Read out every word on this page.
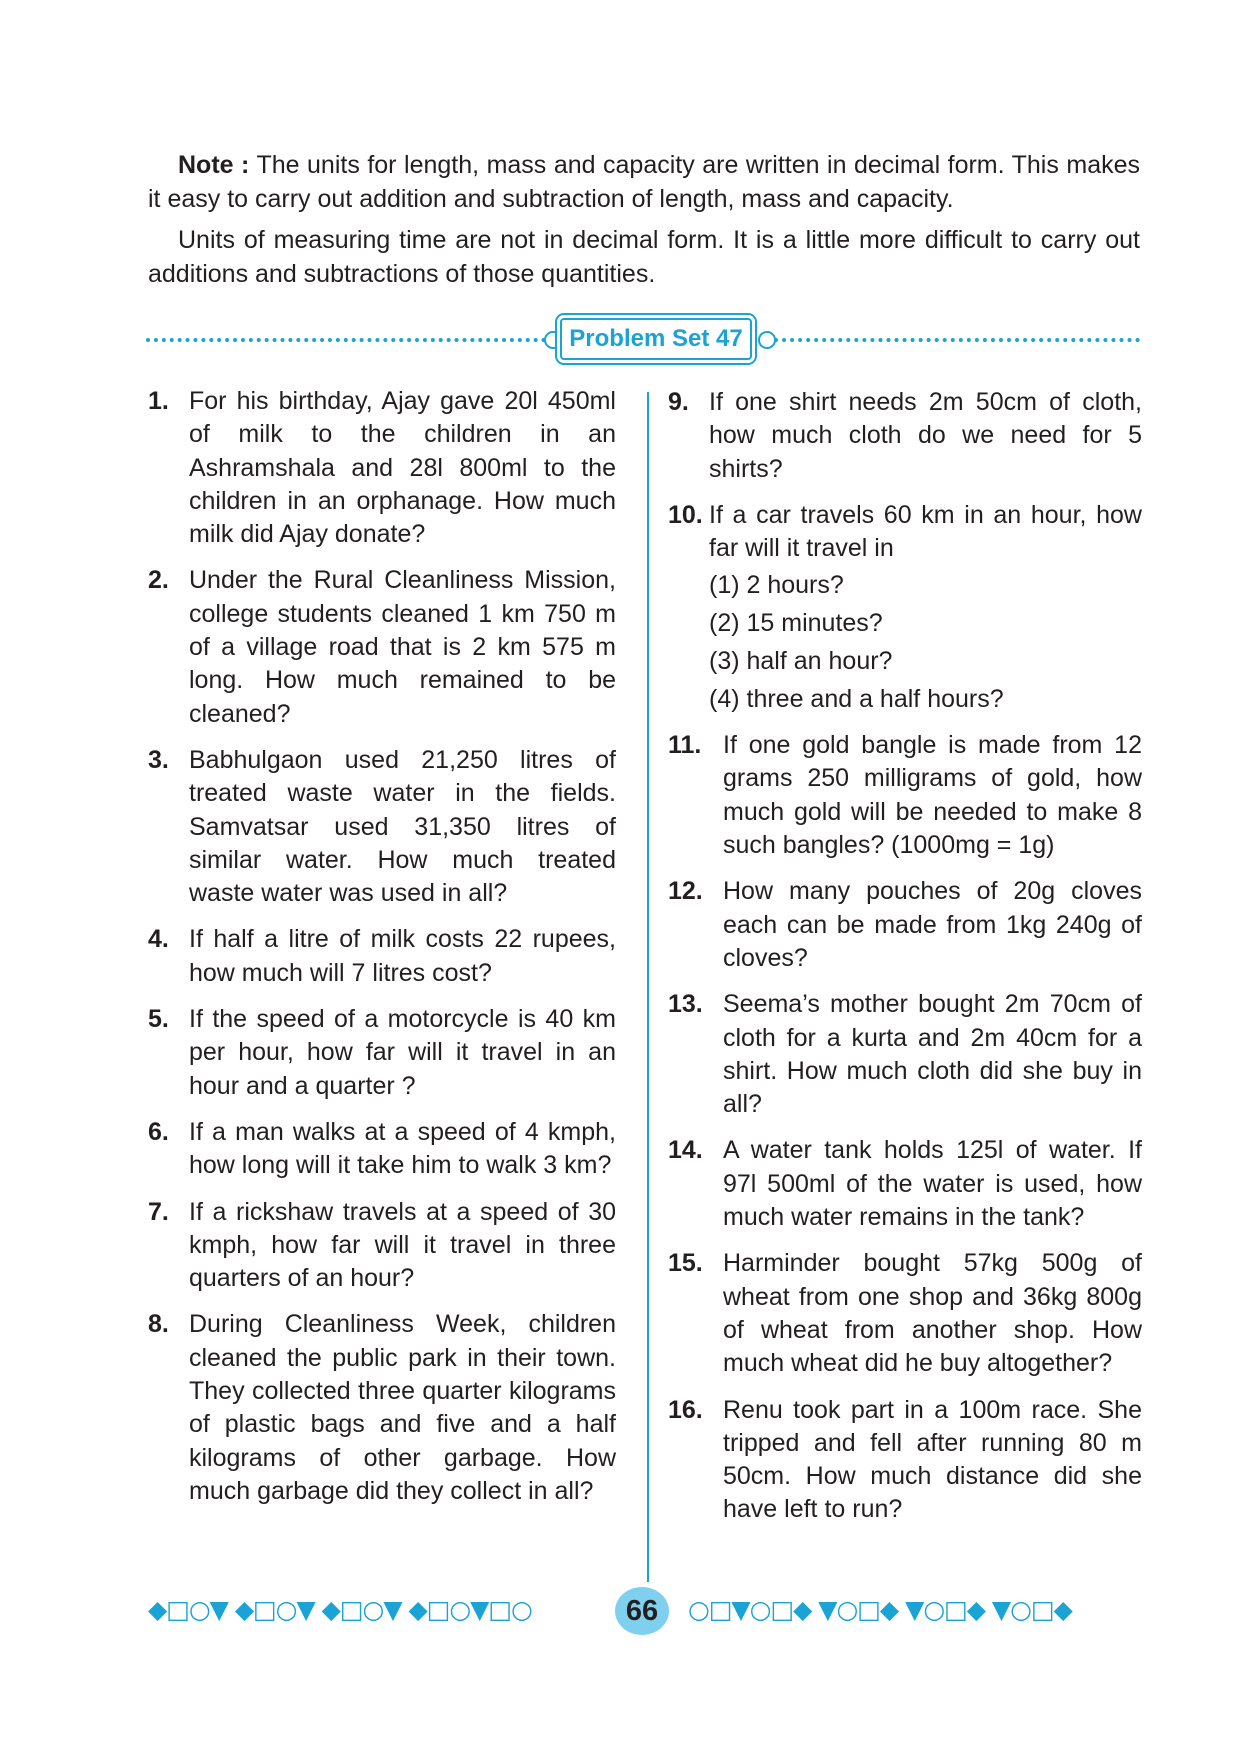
Note : The units for length, mass and capacity are written in decimal form. This makes it easy to carry out addition and subtraction of length, mass and capacity.

Units of measuring time are not in decimal form. It is a little more difficult to carry out additions and subtractions of those quantities.

Problem Set 47
1. For his birthday, Ajay gave 20l 450ml of milk to the children in an Ashramshala and 28l 800ml to the children in an orphanage. How much milk did Ajay donate?
2. Under the Rural Cleanliness Mission, college students cleaned 1 km 750 m of a village road that is 2 km 575 m long. How much remained to be cleaned?
3. Babhulgaon used 21,250 litres of treated waste water in the fields. Samvatsar used 31,350 litres of similar water. How much treated waste water was used in all?
4. If half a litre of milk costs 22 rupees, how much will 7 litres cost?
5. If the speed of a motorcycle is 40 km per hour, how far will it travel in an hour and a quarter ?
6. If a man walks at a speed of 4 kmph, how long will it take him to walk 3 km?
7. If a rickshaw travels at a speed of 30 kmph, how far will it travel in three quarters of an hour?
8. During Cleanliness Week, children cleaned the public park in their town. They collected three quarter kilograms of plastic bags and five and a half kilograms of other garbage. How much garbage did they collect in all?
9. If one shirt needs 2m 50cm of cloth, how much cloth do we need for 5 shirts?
10. If a car travels 60 km in an hour, how far will it travel in
(1) 2 hours?
(2) 15 minutes?
(3) half an hour?
(4) three and a half hours?
11. If one gold bangle is made from 12 grams 250 milligrams of gold, how much gold will be needed to make 8 such bangles? (1000mg = 1g)
12. How many pouches of 20g cloves each can be made from 1kg 240g of cloves?
13. Seema’s mother bought 2m 70cm of cloth for a kurta and 2m 40cm for a shirt. How much cloth did she buy in all?
14. A water tank holds 125l of water. If 97l 500ml of the water is used, how much water remains in the tank?
15. Harminder bought 57kg 500g of wheat from one shop and 36kg 800g of wheat from another shop. How much wheat did he buy altogether?
16. Renu took part in a 100m race. She tripped and fell after running 80 m 50cm. How much distance did she have left to run?
◆□○▼ ◆□○▼ ◆□○▼ ◆□○▼□○	66	○□▼○□◆ ▼○□◆ ▼○□◆ ▼○□◆
